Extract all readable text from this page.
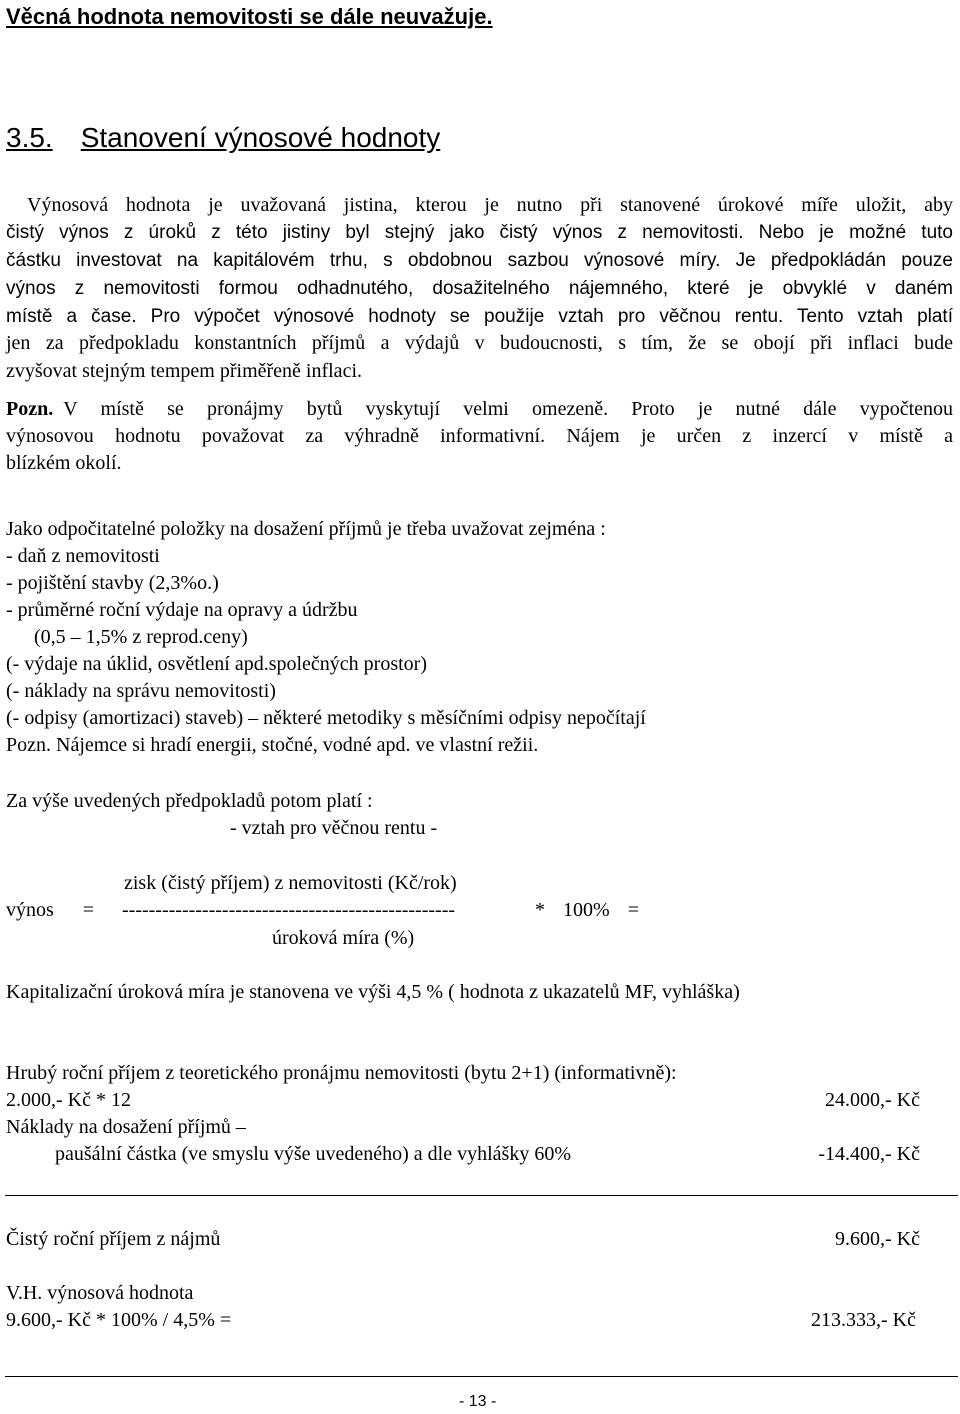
Věcná hodnota nemovitosti se dále neuvažuje.
3.5. Stanovení výnosové hodnoty
Výnosová hodnota je uvažovaná jistina, kterou je nutno při stanovené úrokové míře uložit, aby
čistý výnos z úroků z této jistiny byl stejný jako čistý výnos z nemovitosti. Nebo je možné tuto
částku investovat na kapitálovém trhu, s obdobnou sazbou výnosové míry. Je předpokládán pouze
výnos z nemovitosti formou odhadnutého, dosažitelného nájemného, které je obvyklé v daném
místě a čase. Pro výpočet výnosové hodnoty se použije vztah pro věčnou rentu. Tento vztah platí
jen za předpokladu konstantních příjmů a výdajů v budoucnosti, s tím, že se obojí při inflaci bude
zvyšovat stejným tempem přiměřeně inflaci.
Pozn. V místě se pronájmy bytů vyskytují velmi omezeně. Proto je nutné dále vypočtenou
výnosovou hodnotu považovat za výhradně informativní. Nájem je určen z inzercí v místě a
blízkém okolí.
Jako odpočitatelné položky na dosažení příjmů je třeba uvažovat zejména :
- daň z nemovitosti
- pojištění stavby (2,3%o.)
- průměrné roční výdaje na opravy a údržbu
(0,5 – 1,5% z reprod.ceny)
(- výdaje na úklid, osvětlení apd.společných prostor)
(- náklady na správu nemovitosti)
(- odpisy (amortizaci) staveb) – některé metodiky s měsíčními odpisy nepočítají
Pozn. Nájemce si hradí energii, stočné, vodné apd. ve vlastní režii.
Za výše uvedených předpokladů potom platí :
- vztah pro věčnou rentu -
zisk (čistý příjem) z nemovitosti (Kč/rok)
výnos = --------------------------------------------------	* 100% =
úroková míra (%)
Kapitalizační úroková míra je stanovena ve výši 4,5 % ( hodnota z ukazatelů MF, vyhláška)
Hrubý roční příjem z teoretického pronájmu nemovitosti (bytu 2+1) (informativně):
2.000,- Kč * 12	24.000,- Kč
Náklady na dosažení příjmů –
paušální částka (ve smyslu výše uvedeného) a dle vyhlášky 60%	-14.400,- Kč
Čistý roční příjem z nájmů	9.600,- Kč
V.H. výnosová hodnota
9.600,- Kč * 100% / 4,5% =	213.333,- Kč
- 13 -
